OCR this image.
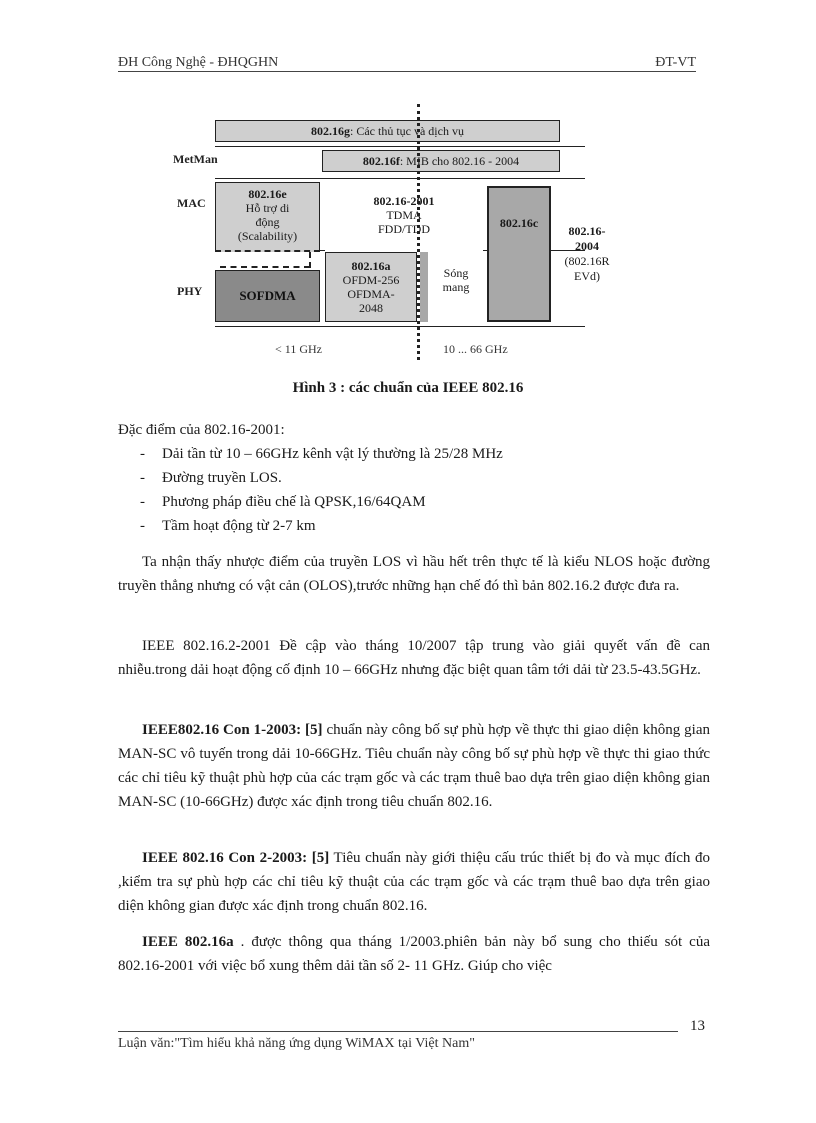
ĐH Công Nghệ - ĐHQGHN	ĐT-VT
MetMan
MAC
PHY
802.16g: Các thủ tục và dịch vụ
802.16f: MIB cho 802.16 - 2004
802.16e
Hỗ trợ di
động
(Scalability)
802.16-2001
TDMA
FDD/TDD	802.16c
802.16-
2004
(802.16R
EVd)
SOFDMA
802.16a
OFDM-256
OFDMA-
2048
Sóng
mang
< 11 GHz	10 ... 66 GHz
Hình 3 : các chuẩn của IEEE 802.16
Đặc điểm của 802.16-2001:
- Dải tần từ 10 – 66GHz kênh vật lý thường là 25/28 MHz
- Đường truyền LOS.
- Phương pháp điều chế là QPSK,16/64QAM
- Tầm hoạt động từ 2-7 km
Ta nhận thấy nhược điểm của truyền LOS vì hầu hết trên thực tế là kiểu NLOS hoặc đường truyền thẳng nhưng có vật cản (OLOS),trước những hạn chế đó thì bản 802.16.2 được đưa ra.
IEEE 802.16.2-2001 Đề cập vào tháng 10/2007 tập trung vào giải quyết vấn đề can nhiễu.trong dải hoạt động cố định 10 – 66GHz nhưng đặc biệt quan tâm tới dải từ 23.5-43.5GHz.
IEEE802.16 Con 1-2003: [5] chuẩn này công bố sự phù hợp về thực thi giao diện không gian MAN-SC vô tuyến trong dải 10-66GHz. Tiêu chuẩn này công bố sự phù hợp về thực thi giao thức các chỉ tiêu kỹ thuật phù hợp của các trạm gốc và các trạm thuê bao dựa trên giao diện không gian MAN-SC (10-66GHz) được xác định trong tiêu chuẩn 802.16.
IEEE 802.16 Con 2-2003: [5] Tiêu chuẩn này giới thiệu cấu trúc thiết bị đo và mục đích đo ,kiểm tra sự phù hợp các chỉ tiêu kỹ thuật của các trạm gốc và các trạm thuê bao dựa trên giao diện không gian được xác định trong chuẩn 802.16.
IEEE 802.16a . được thông qua tháng 1/2003.phiên bản này bổ sung cho thiếu sót của 802.16-2001 với việc bổ xung thêm dải tần số 2- 11 GHz. Giúp cho việc
13
Luận văn:"Tìm hiểu khả năng ứng dụng WiMAX tại Việt Nam"
